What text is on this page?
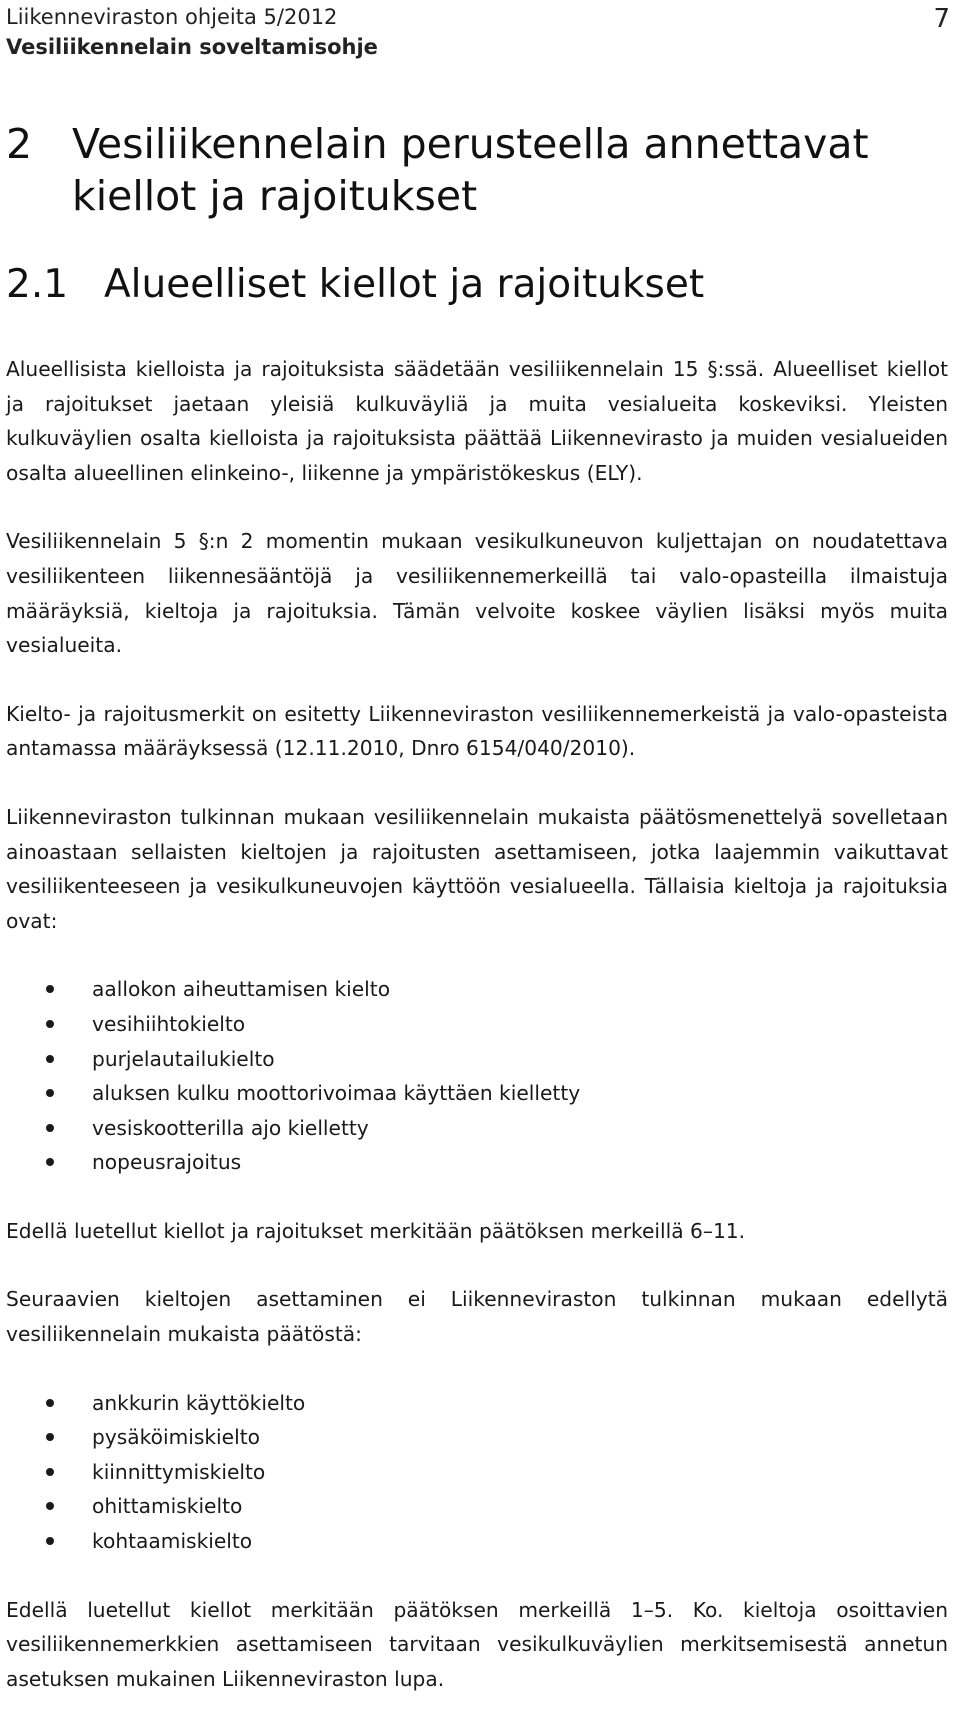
Liikenneviraston ohjeita 5/2012
Vesiliikennelain soveltamisohje
7
2 Vesiliikennelain perusteella annettavat kiellot ja rajoitukset
2.1 Alueelliset kiellot ja rajoitukset

Alueellisista kielloista ja rajoituksista säädetään vesiliikennelain 15 §:ssä. Alueelliset kiellot ja rajoitukset jaetaan yleisiä kulkuväyliä ja muita vesialueita koskeviksi. Yleisten kulkuväylien osalta kielloista ja rajoituksista päättää Liikennevirasto ja muiden vesialueiden osalta alueellinen elinkeino-, liikenne ja ympäristökeskus (ELY).

Vesiliikennelain 5 §:n 2 momentin mukaan vesikulkuneuvon kuljettajan on noudatettava vesiliikenteen liikennesääntöjä ja vesiliikennemerkeillä tai valo-opasteilla ilmaistuja määräyksiä, kieltoja ja rajoituksia. Tämän velvoite koskee väylien lisäksi myös muita vesialueita.

Kielto- ja rajoitusmerkit on esitetty Liikenneviraston vesiliikennemerkeistä ja valo-opasteista antamassa määräyksessä (12.11.2010, Dnro 6154/040/2010).

Liikenneviraston tulkinnan mukaan vesiliikennelain mukaista päätösmenettelyä sovelletaan ainoastaan sellaisten kieltojen ja rajoitusten asettamiseen, jotka laajemmin vaikuttavat vesiliikenteeseen ja vesikulkuneuvojen käyttöön vesialueella. Tällaisia kieltoja ja rajoituksia ovat:

aallokon aiheuttamisen kielto
vesihiihtokielto
purjelautailukielto
aluksen kulku moottorivoimaa käyttäen kielletty
vesiskootterilla ajo kielletty
nopeusrajoitus

Edellä luetellut kiellot ja rajoitukset merkitään päätöksen merkeillä 6–11.

Seuraavien kieltojen asettaminen ei Liikenneviraston tulkinnan mukaan edellytä vesiliikennelain mukaista päätöstä:

ankkurin käyttökielto
pysäköimiskielto
kiinnittymiskielto
ohittamiskielto
kohtaamiskielto

Edellä luetellut kiellot merkitään päätöksen merkeillä 1–5. Ko. kieltoja osoittavien vesiliikennemerkkien asettamiseen tarvitaan vesikulkuväylien merkitsemisestä annetun asetuksen mukainen Liikenneviraston lupa.
